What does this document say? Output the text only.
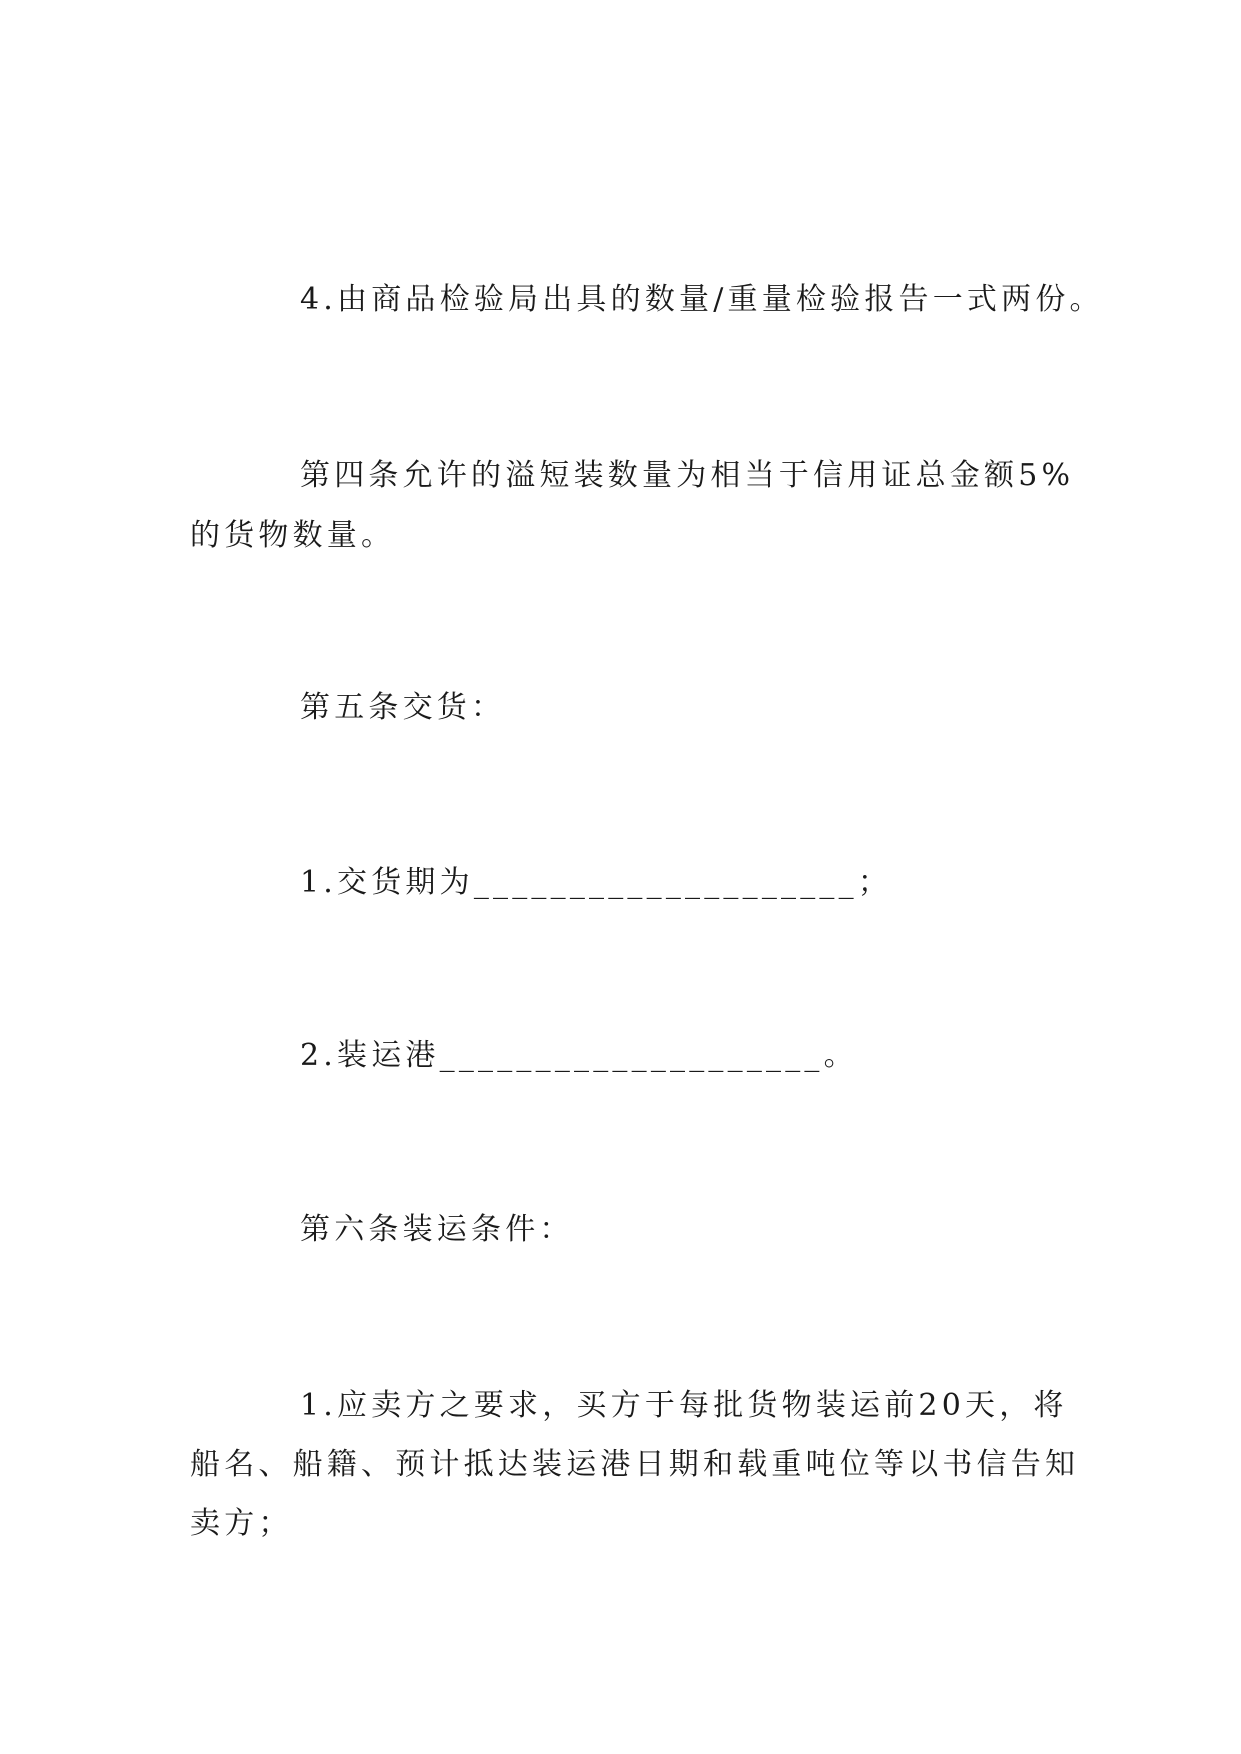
4.由商品检验局出具的数量/重量检验报告一式两份。
第四条允许的溢短装数量为相当于信用证总金额5%
的货物数量。
第五条交货：
1.交货期为____________________；
2.装运港____________________。
第六条装运条件：
1.应卖方之要求，买方于每批货物装运前20天，将
船名、船籍、预计抵达装运港日期和载重吨位等以书信告知
卖方；
